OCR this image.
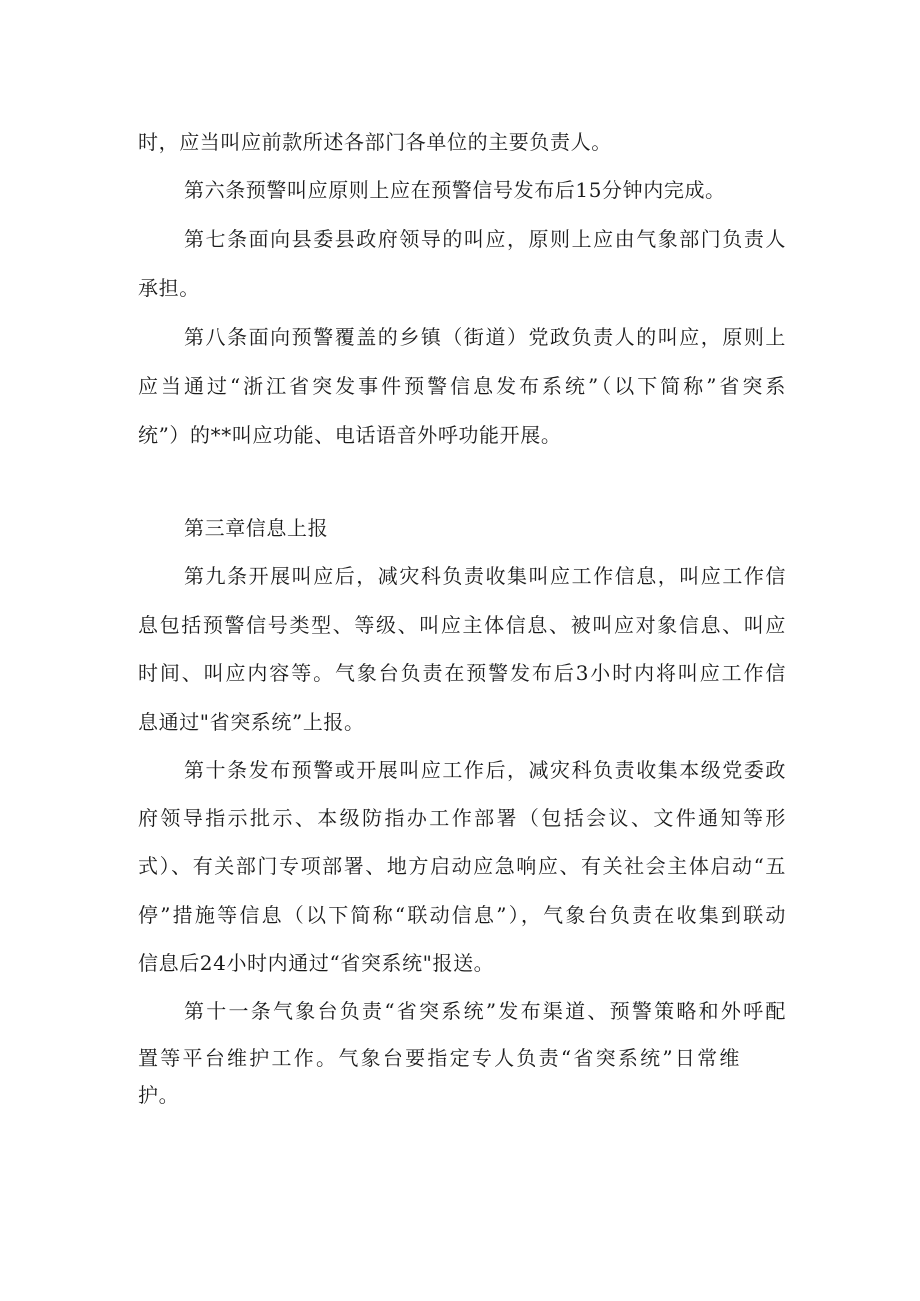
时，应当叫应前款所述各部门各单位的主要负责人。
第六条预警叫应原则上应在预警信号发布后15分钟内完成。
第七条面向县委县政府领导的叫应，原则上应由气象部门负责人
承担。
第八条面向预警覆盖的乡镇（街道）党政负责人的叫应，原则上
应当通过“浙江省突发事件预警信息发布系统”（以下简称”省突系
统”）的**叫应功能、电话语音外呼功能开展。
第三章信息上报
第九条开展叫应后，减灾科负责收集叫应工作信息，叫应工作信
息包括预警信号类型、等级、叫应主体信息、被叫应对象信息、叫应
时间、叫应内容等。气象台负责在预警发布后3小时内将叫应工作信
息通过"省突系统”上报。
第十条发布预警或开展叫应工作后，减灾科负责收集本级党委政
府领导指示批示、本级防指办工作部署（包括会议、文件通知等形
式）、有关部门专项部署、地方启动应急响应、有关社会主体启动“五
停”措施等信息（以下简称“联动信息”），气象台负责在收集到联动
信息后24小时内通过“省突系统"报送。
第十一条气象台负责“省突系统”发布渠道、预警策略和外呼配
置等平台维护工作。气象台要指定专人负责“省突系统”日常维
护。
